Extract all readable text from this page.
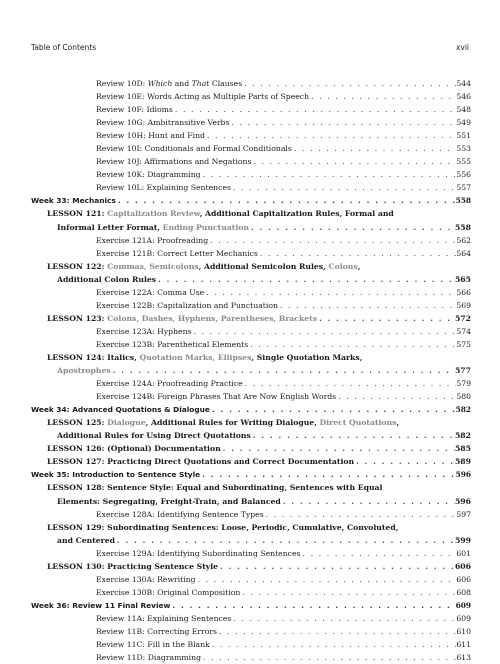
Table of Contents	xvii
Review 10D: Which and That Clauses . . .	544
Review 10E: Words Acting as Multiple Parts of Speech . . .	546
Review 10F: Idioms . . .	548
Review 10G: Ambitransitive Verbs . . .	549
Review 10H: Hunt and Find . . .	551
Review 10I: Conditionals and Formal Conditionals . . .	553
Review 10J: Affirmations and Negations . . .	555
Review 10K: Diagramming . . .	556
Review 10L: Explaining Sentences . . .	557
Week 33: Mechanics . . .	558
LESSON 121: Capitalization Review, Additional Capitalization Rules, Formal and
Informal Letter Format, Ending Punctuation . . .	558
Exercise 121A: Proofreading . . .	562
Exercise 121B: Correct Letter Mechanics . . .	564
LESSON 122: Commas, Semicolons, Additional Semicolon Rules, Colons,
Additional Colon Rules . . .	565
Exercise 122A: Comma Use . . .	566
Exercise 122B: Capitalization and Punctuation . . .	569
LESSON 123: Colons, Dashes, Hyphens, Parentheses, Brackets . . .	572
Exercise 123A: Hyphens . . .	574
Exercise 123B: Parenthetical Elements . . .	575
LESSON 124: Italics, Quotation Marks, Ellipses, Single Quotation Marks,
Apostrophes . . .	577
Exercise 124A: Proofreading Practice . . .	579
Exercise 124B: Foreign Phrases That Are Now English Words . . .	580
Week 34: Advanced Quotations & Dialogue . . .	582
LESSON 125: Dialogue, Additional Rules for Writing Dialogue, Direct Quotations,
Additional Rules for Using Direct Quotations . . .	582
LESSON 126: (Optional) Documentation . . .	585
LESSON 127: Practicing Direct Quotations and Correct Documentation . . .	589
Week 35: Introduction to Sentence Style . . .	596
LESSON 128: Sentence Style: Equal and Subordinating, Sentences with Equal
Elements: Segregating, Freight-Train, and Balanced . . .	596
Exercise 128A: Identifying Sentence Types . . .	597
LESSON 129: Subordinating Sentences: Loose, Periodic, Cumulative, Convoluted,
and Centered . . .	599
Exercise 129A: Identifying Subordinating Sentences . . .	601
LESSON 130: Practicing Sentence Style . . .	606
Exercise 130A: Rewriting . . .	606
Exercise 130B: Original Composition . . .	608
Week 36: Review 11 Final Review . . .	609
Review 11A: Explaining Sentences . . .	609
Review 11B: Correcting Errors . . .	610
Review 11C: Fill in the Blank . . .	611
Review 11D: Diagramming . . .	613
